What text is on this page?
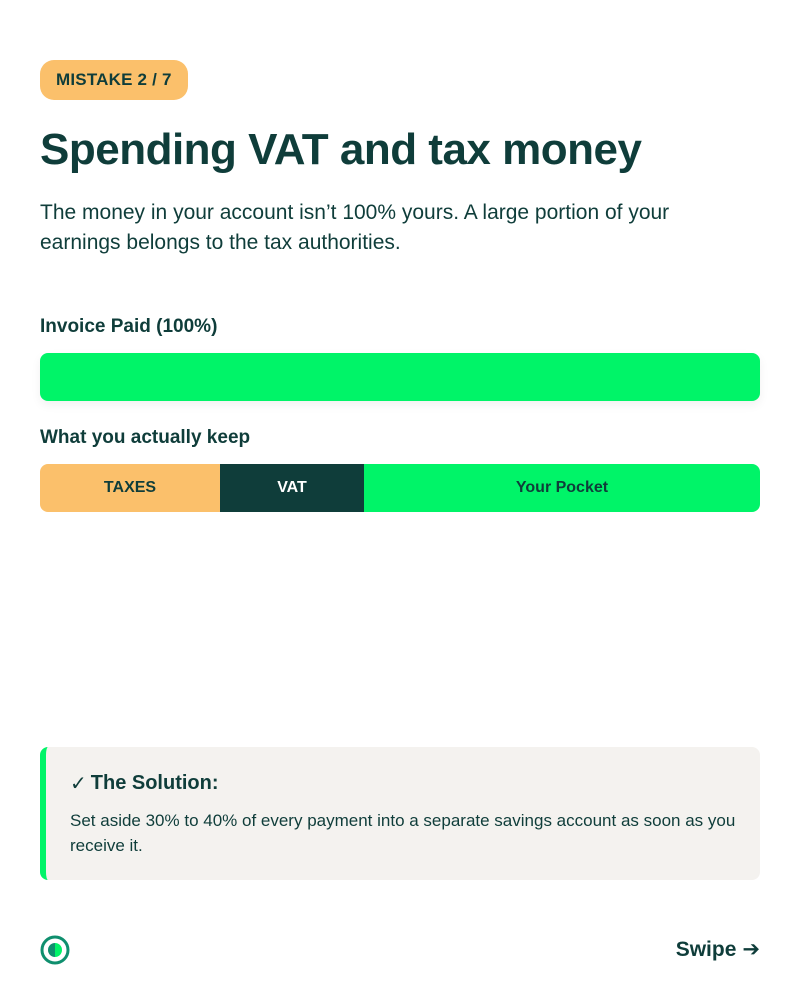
MISTAKE 2 / 7
Spending VAT and tax money

The money in your account isn’t 100% yours. A large portion of your earnings belongs to the tax authorities.

Invoice Paid (100%)
What you actually keep
TAXES	VAT	Your Pocket

✓ The Solution:

Set aside 30% to 40% of every payment into a separate savings account as soon as you receive it.

Swipe ➔
